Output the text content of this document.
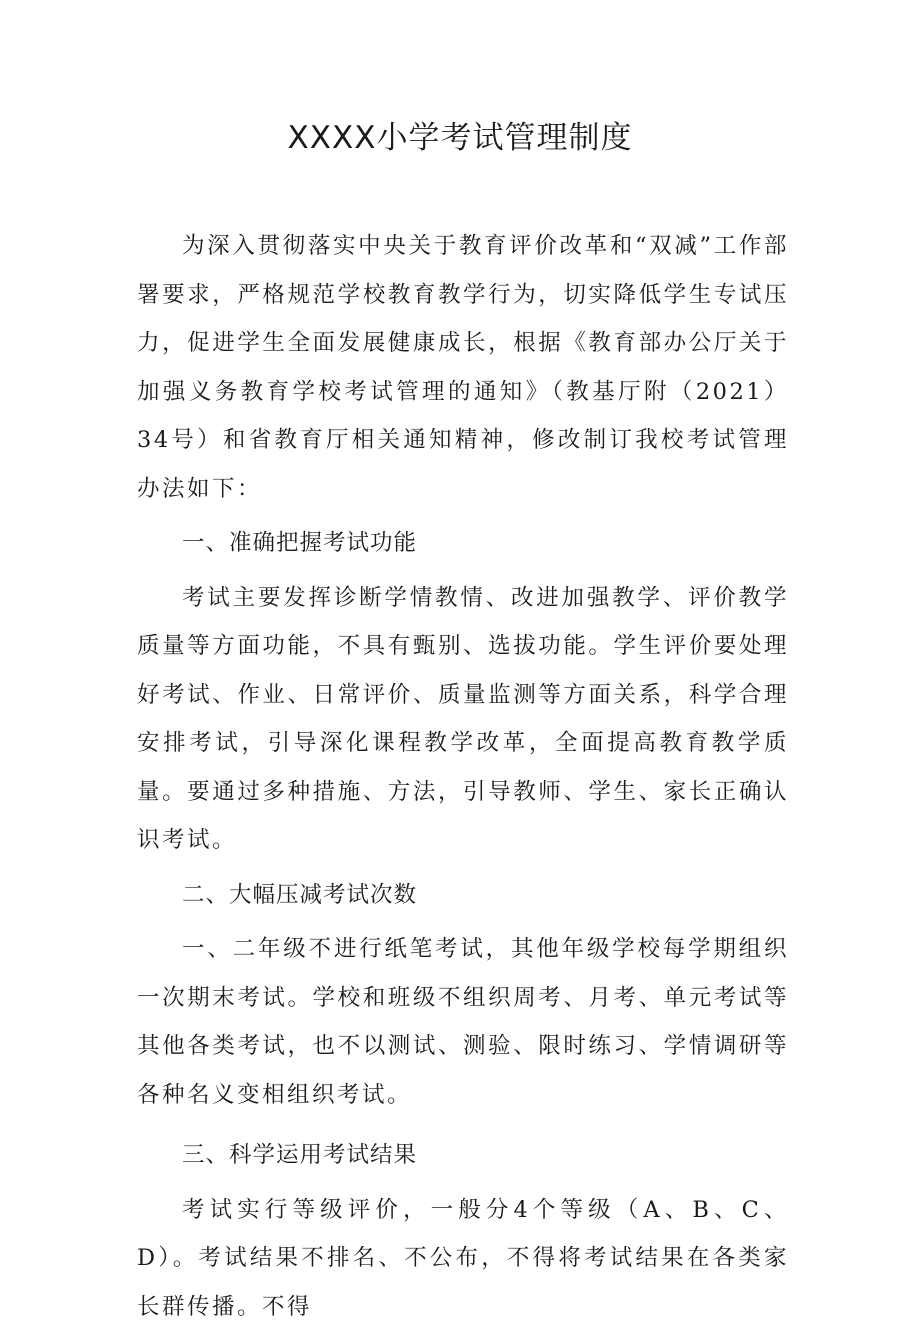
XXXX小学考试管理制度

为深入贯彻落实中央关于教育评价改革和“双减”工作部署要求，严格规范学校教育教学行为，切实降低学生专试压力，促进学生全面发展健康成长，根据《教育部办公厅关于加强义务教育学校考试管理的通知》（教基厅附（2021）34号）和省教育厅相关通知精神，修改制订我校考试管理办法如下：

一、准确把握考试功能

考试主要发挥诊断学情教情、改进加强教学、评价教学质量等方面功能，不具有甄别、选拔功能。学生评价要处理好考试、作业、日常评价、质量监测等方面关系，科学合理安排考试，引导深化课程教学改革，全面提高教育教学质量。要通过多种措施、方法，引导教师、学生、家长正确认识考试。

二、大幅压减考试次数

一、二年级不进行纸笔考试，其他年级学校每学期组织一次期末考试。学校和班级不组织周考、月考、单元考试等其他各类考试，也不以测试、测验、限时练习、学情调研等各种名义变相组织考试。

三、科学运用考试结果

考试实行等级评价，一般分4个等级（A、B、C、D）。考试结果不排名、不公布，不得将考试结果在各类家长群传播。不得
